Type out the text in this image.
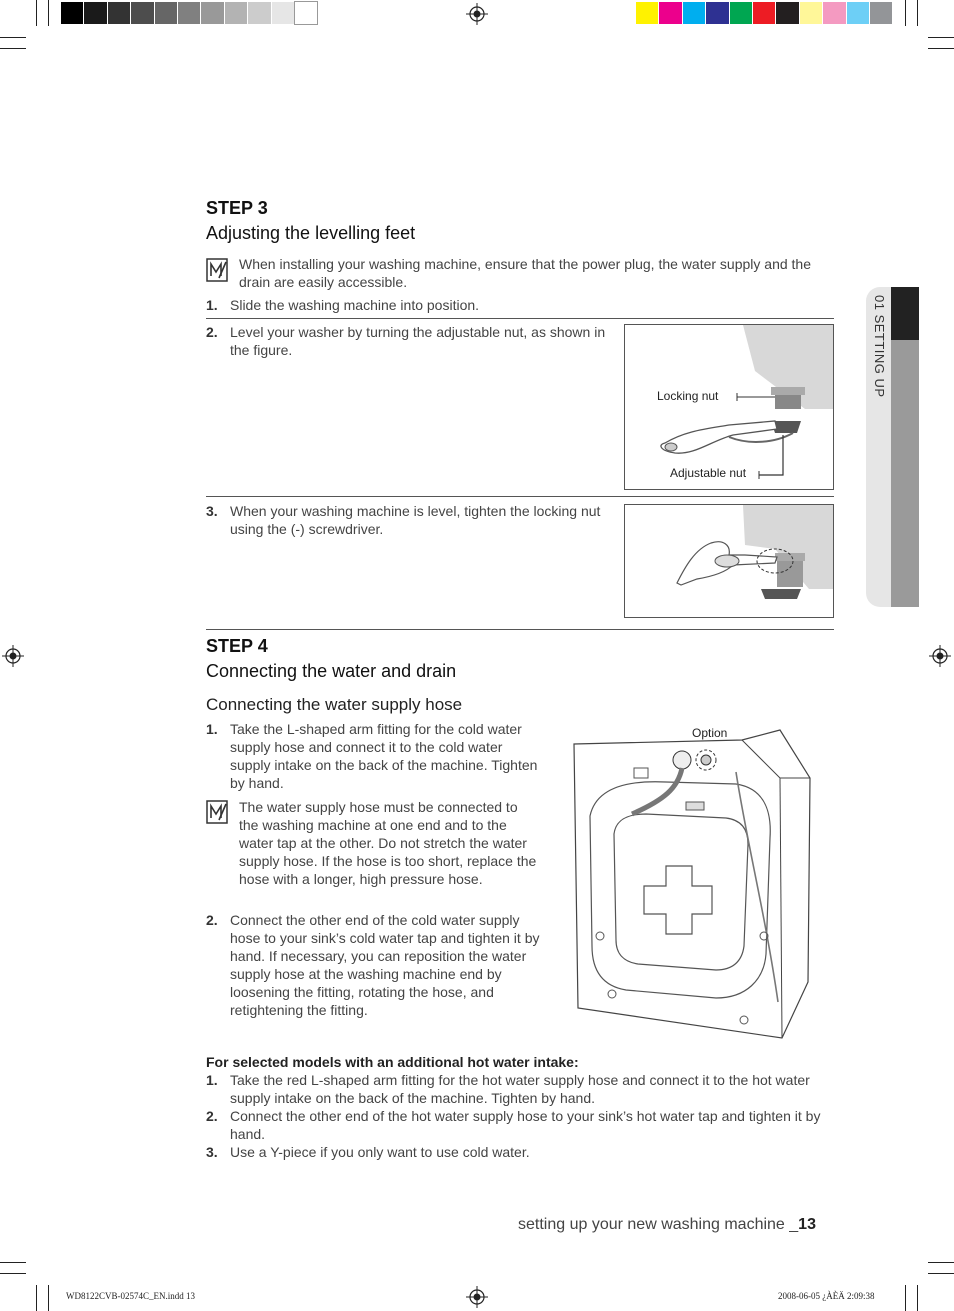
01 SETTING UP
STEP 3
Adjusting the levelling feet
When installing your washing machine, ensure that the power plug, the water supply and the drain are easily accessible.
1. Slide the washing machine into position.
2. Level your washer by turning the adjustable nut, as shown in the figure.
Locking nut
Adjustable nut
3. When your washing machine is level, tighten the locking nut using the (-) screwdriver.
STEP 4
Connecting the water and drain
Connecting the water supply hose
1. Take the L-shaped arm fitting for the cold water supply hose and connect it to the cold water supply intake on the back of the machine. Tighten by hand.
The water supply hose must be connected to the washing machine at one end and to the water tap at the other. Do not stretch the water supply hose. If the hose is too short, replace the hose with a longer, high pressure hose.
2. Connect the other end of the cold water supply hose to your sink’s cold water tap and tighten it by hand. If necessary, you can reposition the water supply hose at the washing machine end by loosening the fitting, rotating the hose, and retightening the fitting.
Option
For selected models with an additional hot water intake:
1. Take the red L-shaped arm fitting for the hot water supply hose and connect it to the hot water supply intake on the back of the machine. Tighten by hand.
2. Connect the other end of the hot water supply hose to your sink’s hot water tap and tighten it by hand.
3. Use a Y-piece if you only want to use cold water.
setting up your new washing machine _13
WD8122CVB-02574C_EN.indd 13	2008-06-05 ¿ÀÈÄ 2:09:38
